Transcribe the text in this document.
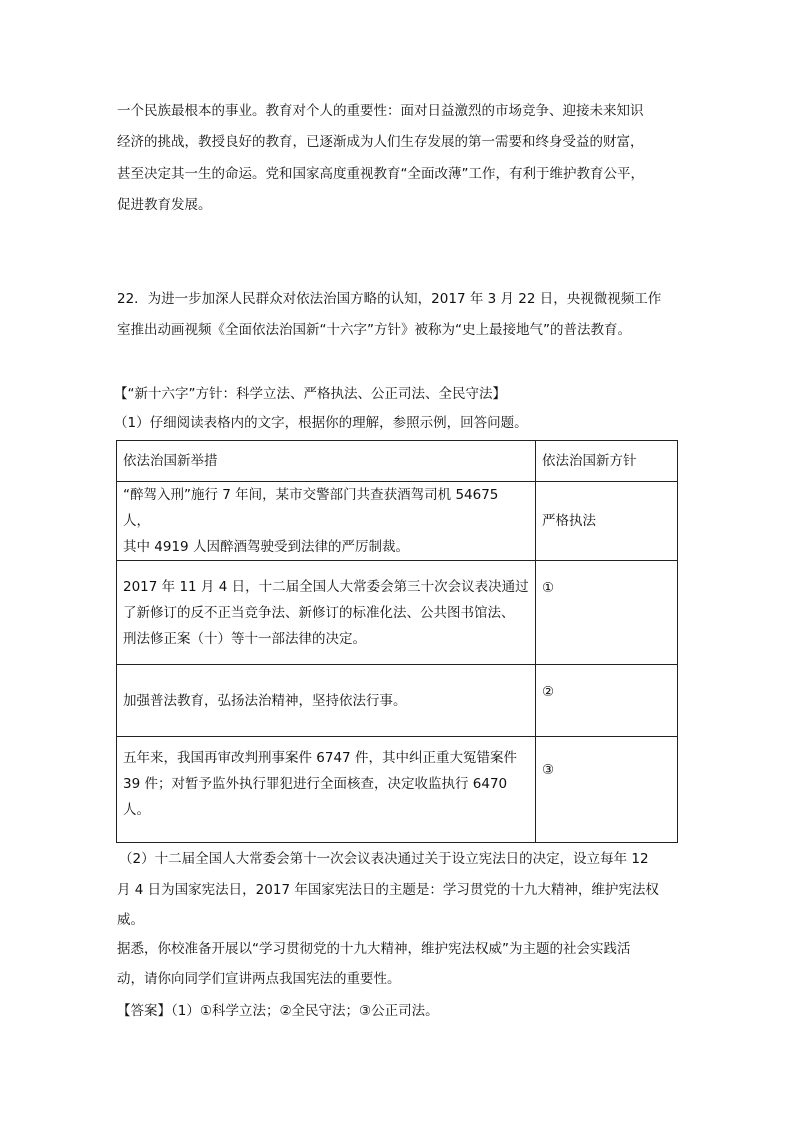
一个民族最根本的事业。教育对个人的重要性：面对日益激烈的市场竞争、迎接未来知识
经济的挑战，教授良好的教育，已逐渐成为人们生存发展的第一需要和终身受益的财富，
甚至决定其一生的命运。党和国家高度重视教育“全面改薄”工作，有利于维护教育公平，
促进教育发展。
22．为进一步加深人民群众对依法治国方略的认知，2017 年 3 月 22 日，央视微视频工作
室推出动画视频《全面依法治国新“十六字”方针》被称为“史上最接地气”的普法教育。
【“新十六字”方针：科学立法、严格执法、公正司法、全民守法】
（1）仔细阅读表格内的文字，根据你的理解，参照示例，回答问题。
依法治国新举措	依法治国新方针

“醉驾入刑”施行 7 年间，某市交警部门共查获酒驾司机 54675 人，
其中 4919 人因醉酒驾驶受到法律的严厉制裁。	严格执法

2017 年 11 月 4 日，十二届全国人大常委会第三十次会议表决通过
了新修订的反不正当竞争法、新修订的标准化法、公共图书馆法、
刑法修正案（十）等十一部法律的决定。	①

加强普法教育，弘扬法治精神，坚持依法行事。	②

五年来，我国再审改判刑事案件 6747 件，其中纠正重大冤错案件
39 件；对暂予监外执行罪犯进行全面核查，决定收监执行 6470 人。	③
（2）十二届全国人大常委会第十一次会议表决通过关于设立宪法日的决定，设立每年 12
月 4 日为国家宪法日，2017 年国家宪法日的主题是：学习贯党的十九大精神，维护宪法权
威。
据悉，你校准备开展以“学习贯彻党的十九大精神，维护宪法权威”为主题的社会实践活
动，请你向同学们宣讲两点我国宪法的重要性。
【答案】（1）①科学立法；②全民守法；③公正司法。
